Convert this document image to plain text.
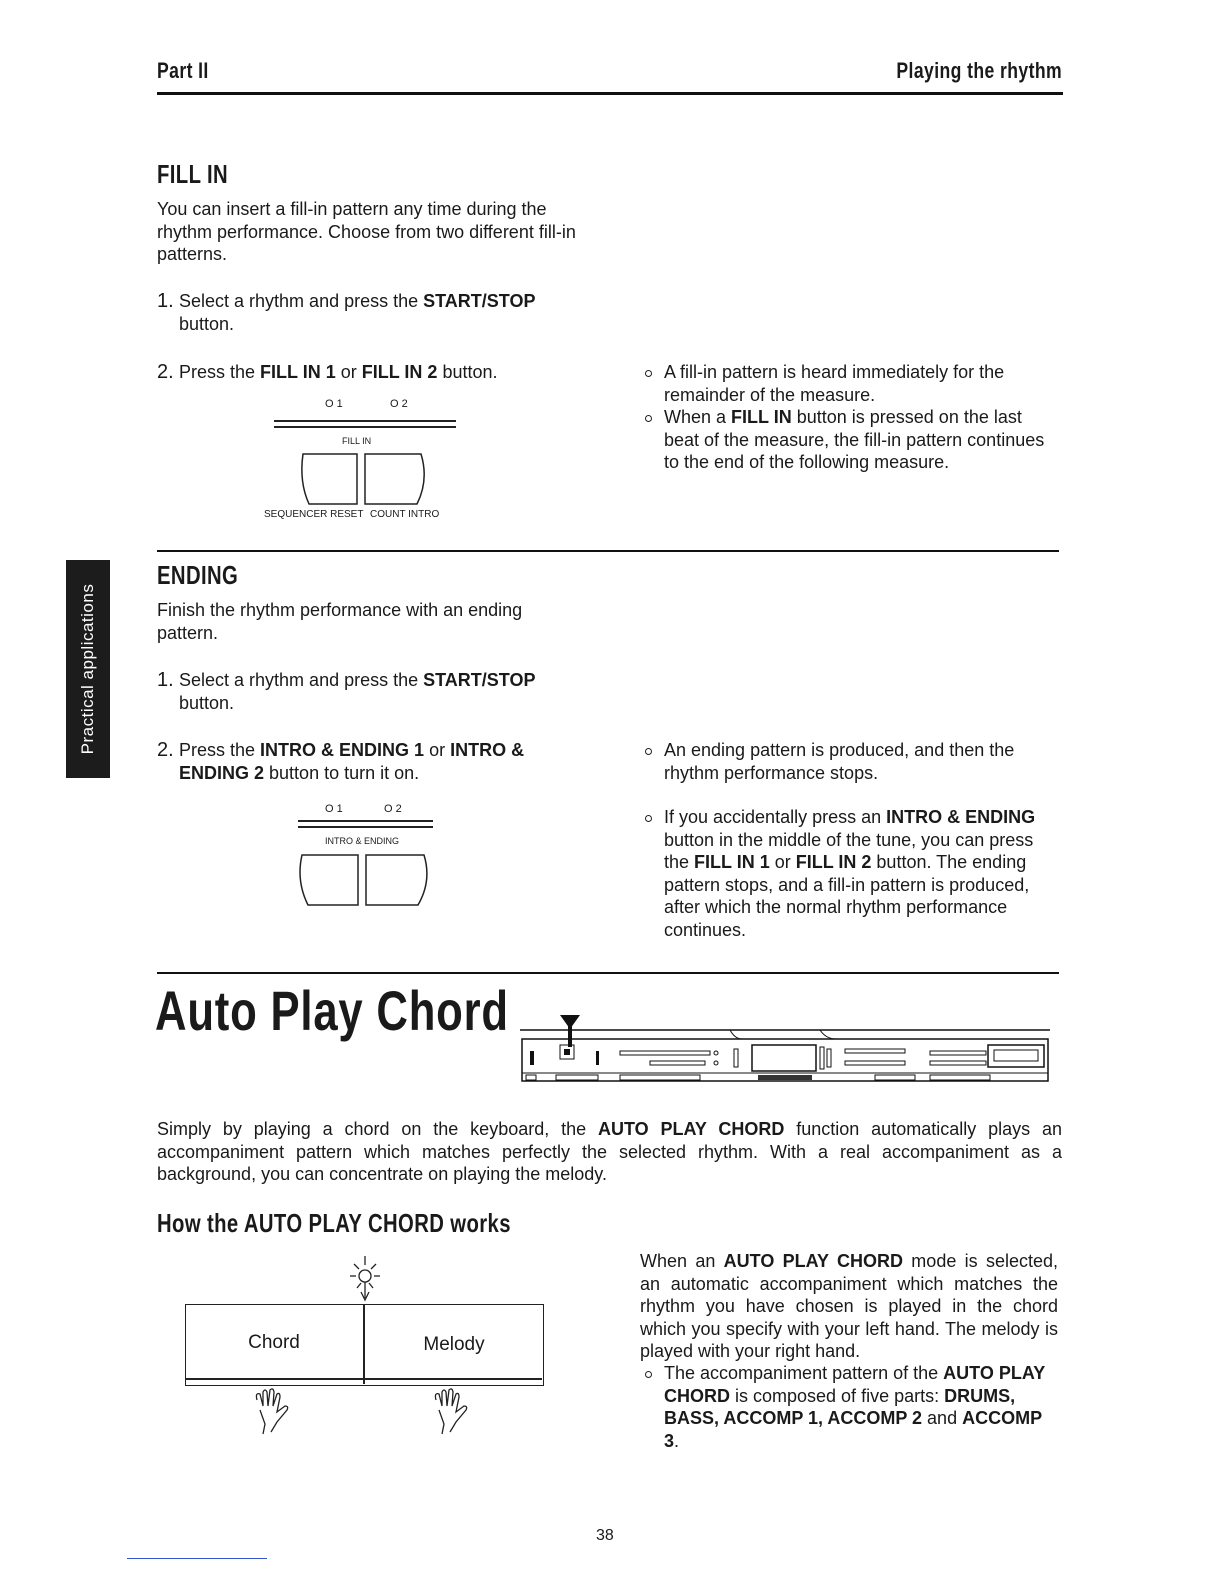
Part II	Playing the rhythm
Practical applications
FILL IN
You can insert a fill-in pattern any time during the rhythm performance. Choose from two different fill-in patterns.
1. Select a rhythm and press the START/STOP button.
2. Press the FILL IN 1 or FILL IN 2 button.
O 1	O 2
FILL IN
SEQUENCER RESET COUNT INTRO
A fill-in pattern is heard immediately for the remainder of the measure.
When a FILL IN button is pressed on the last beat of the measure, the fill-in pattern continues to the end of the following measure.
ENDING
Finish the rhythm performance with an ending pattern.
1. Select a rhythm and press the START/STOP button.
2. Press the INTRO & ENDING 1 or INTRO & ENDING 2 button to turn it on.
O 1	O 2
INTRO & ENDING
An ending pattern is produced, and then the rhythm performance stops.
If you accidentally press an INTRO & ENDING button in the middle of the tune, you can press the FILL IN 1 or FILL IN 2 button. The ending pattern stops, and a fill-in pattern is produced, after which the normal rhythm performance continues.
Auto Play Chord
Simply by playing a chord on the keyboard, the AUTO PLAY CHORD function automatically plays an accompaniment pattern which matches perfectly the selected rhythm. With a real accompaniment as a background, you can concentrate on playing the melody.
How the AUTO PLAY CHORD works
Chord	Melody
When an AUTO PLAY CHORD mode is selected, an automatic accompaniment which matches the rhythm you have chosen is played in the chord which you specify with your left hand. The melody is played with your right hand.
The accompaniment pattern of the AUTO PLAY CHORD is composed of five parts: DRUMS, BASS, ACCOMP 1, ACCOMP 2 and ACCOMP 3.
38
